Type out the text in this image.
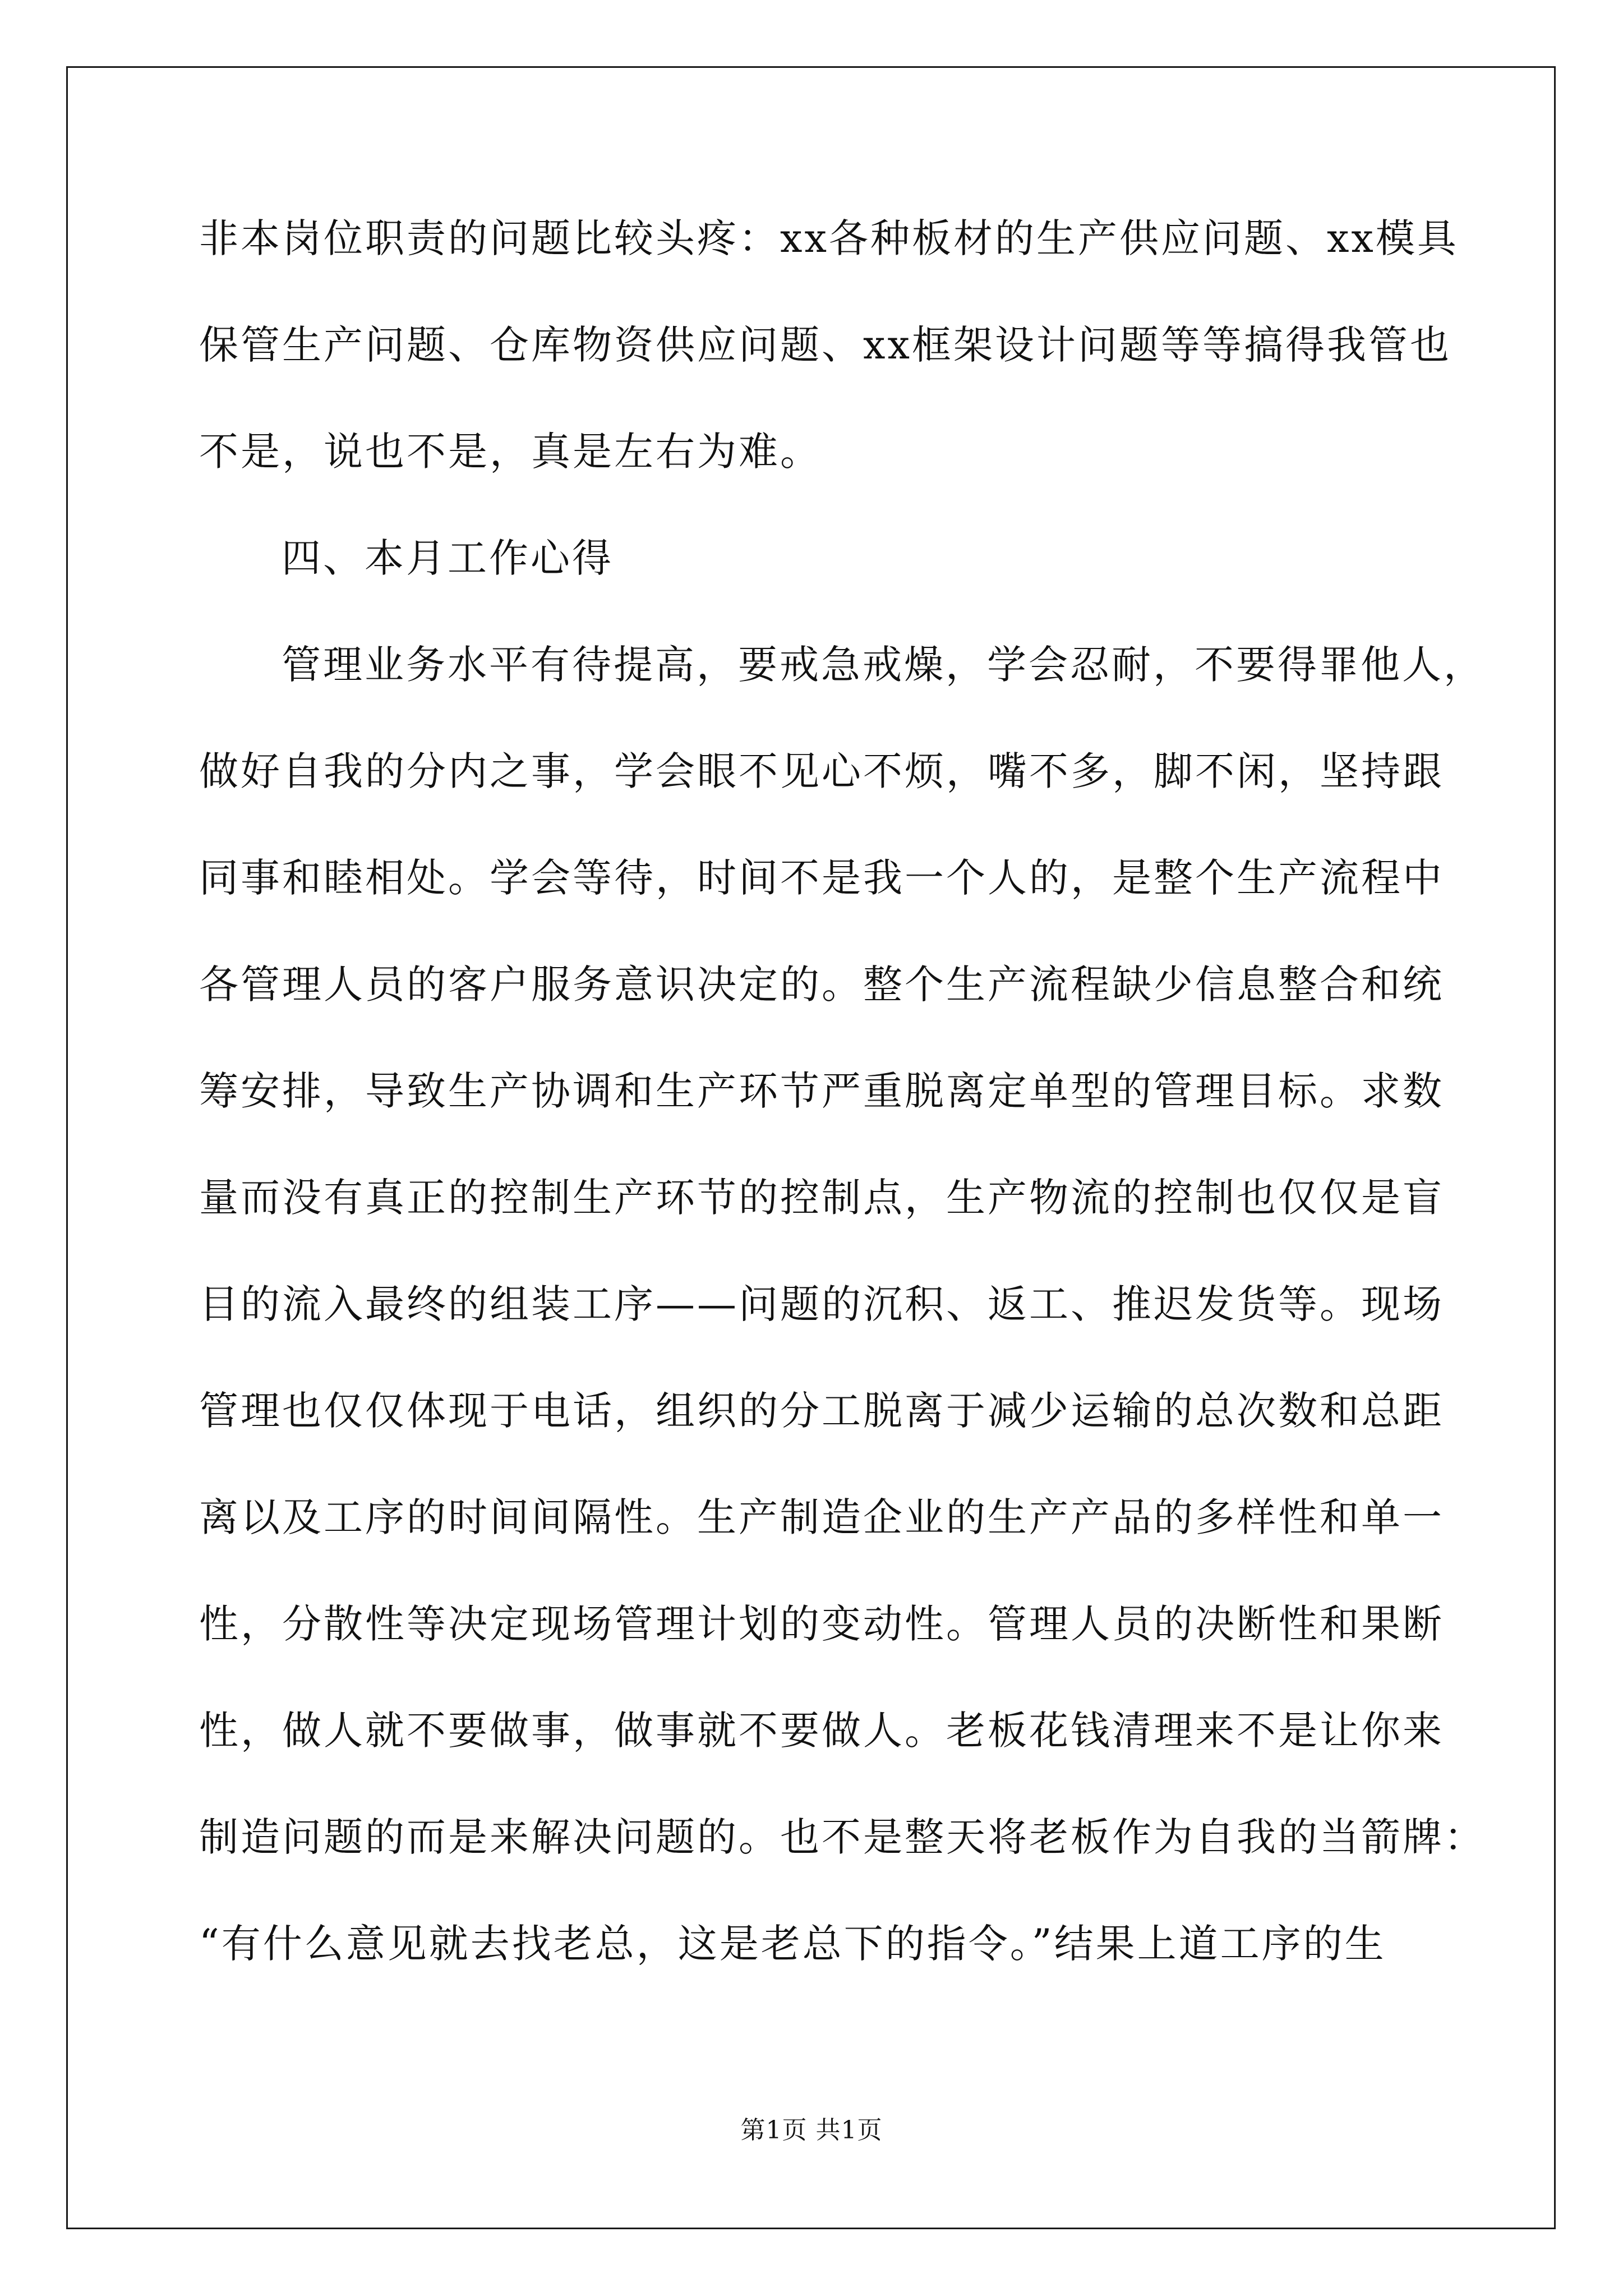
非本岗位职责的问题比较头疼：xx各种板材的生产供应问题、xx模具
保管生产问题、仓库物资供应问题、xx框架设计问题等等搞得我管也
不是，说也不是，真是左右为难。
四、本月工作心得
管理业务水平有待提高，要戒急戒燥，学会忍耐，不要得罪他人，
做好自我的分内之事，学会眼不见心不烦，嘴不多，脚不闲，坚持跟
同事和睦相处。学会等待，时间不是我一个人的，是整个生产流程中
各管理人员的客户服务意识决定的。整个生产流程缺少信息整合和统
筹安排，导致生产协调和生产环节严重脱离定单型的管理目标。求数
量而没有真正的控制生产环节的控制点，生产物流的控制也仅仅是盲
目的流入最终的组装工序——问题的沉积、返工、推迟发货等。现场
管理也仅仅体现于电话，组织的分工脱离于减少运输的总次数和总距
离以及工序的时间间隔性。生产制造企业的生产产品的多样性和单一
性，分散性等决定现场管理计划的变动性。管理人员的决断性和果断
性，做人就不要做事，做事就不要做人。老板花钱清理来不是让你来
制造问题的而是来解决问题的。也不是整天将老板作为自我的当箭牌：
“有什么意见就去找老总，这是老总下的指令。”结果上道工序的生
第1页 共1页
